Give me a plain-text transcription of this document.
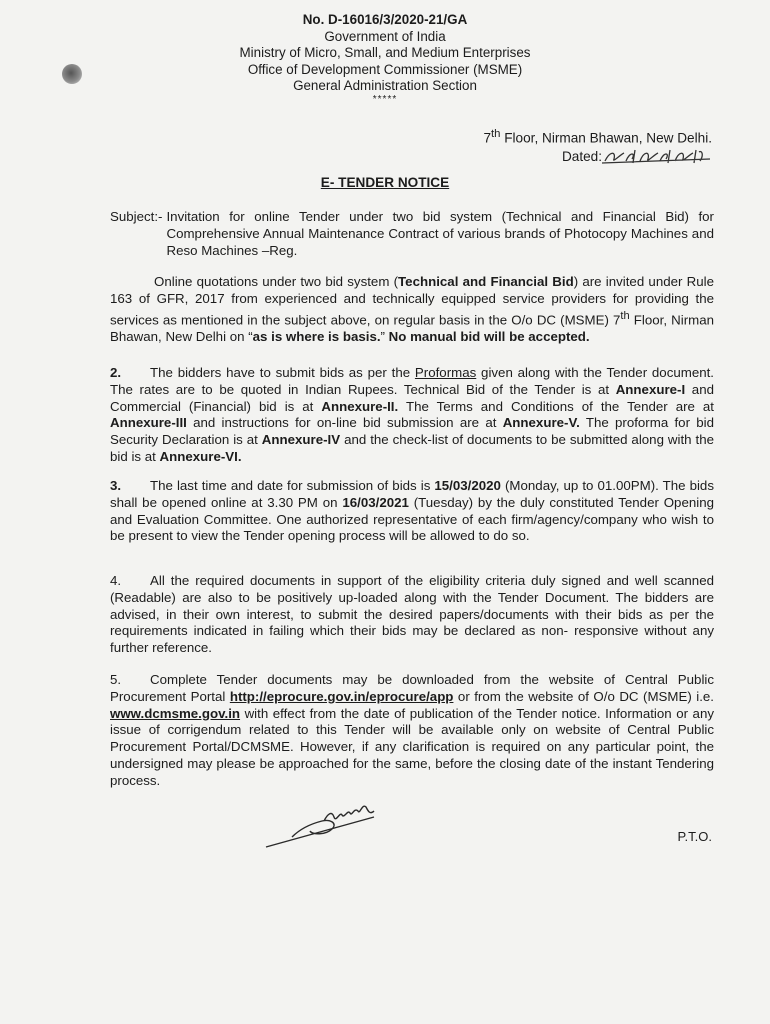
No. D-16016/3/2020-21/GA
Government of India
Ministry of Micro, Small, and Medium Enterprises
Office of Development Commissioner (MSME)
General Administration Section
*****
7th Floor, Nirman Bhawan, New Delhi.
Dated:
E- TENDER NOTICE
Subject:- Invitation for online Tender under two bid system (Technical and Financial Bid) for Comprehensive Annual Maintenance Contract of various brands of Photocopy Machines and Reso Machines –Reg.
Online quotations under two bid system (Technical and Financial Bid) are invited under Rule 163 of GFR, 2017 from experienced and technically equipped service providers for providing the services as mentioned in the subject above, on regular basis in the O/o DC (MSME) 7th Floor, Nirman Bhawan, New Delhi on “as is where is basis.” No manual bid will be accepted.
2. The bidders have to submit bids as per the Proformas given along with the Tender document. The rates are to be quoted in Indian Rupees. Technical Bid of the Tender is at Annexure-I and Commercial (Financial) bid is at Annexure-II. The Terms and Conditions of the Tender are at Annexure-III and instructions for on-line bid submission are at Annexure-V. The proforma for bid Security Declaration is at Annexure-IV and the check-list of documents to be submitted along with the bid is at Annexure-VI.
3. The last time and date for submission of bids is 15/03/2020 (Monday, up to 01.00PM). The bids shall be opened online at 3.30 PM on 16/03/2021 (Tuesday) by the duly constituted Tender Opening and Evaluation Committee. One authorized representative of each firm/agency/company who wish to be present to view the Tender opening process will be allowed to do so.
4. All the required documents in support of the eligibility criteria duly signed and well scanned (Readable) are also to be positively up-loaded along with the Tender Document. The bidders are advised, in their own interest, to submit the desired papers/documents with their bids as per the requirements indicated in failing which their bids may be declared as non- responsive without any further reference.
5. Complete Tender documents may be downloaded from the website of Central Public Procurement Portal http://eprocure.gov.in/eprocure/app or from the website of O/o DC (MSME) i.e. www.dcmsme.gov.in with effect from the date of publication of the Tender notice. Information or any issue of corrigendum related to this Tender will be available only on website of Central Public Procurement Portal/DCMSME. However, if any clarification is required on any particular point, the undersigned may please be approached for the same, before the closing date of the instant Tendering process.
P.T.O.
